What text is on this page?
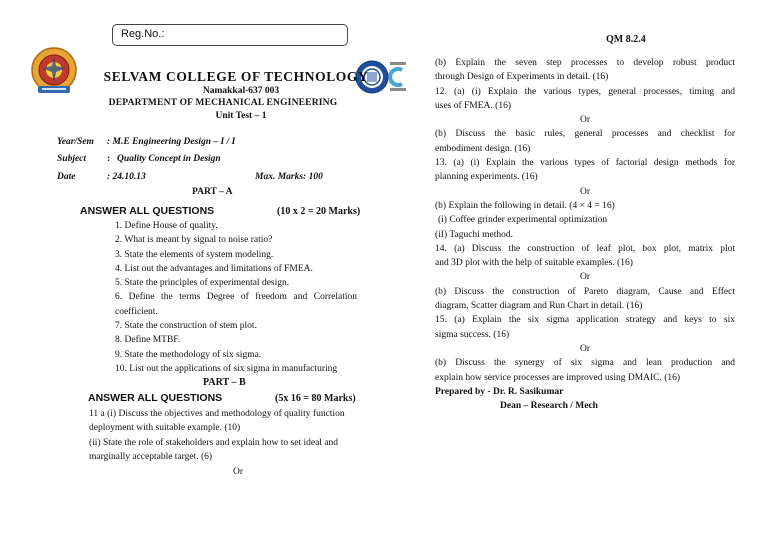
Reg.No.:	QM 8.2.4
SELVAM COLLEGE OF TECHNOLOGY
Namakkal-637 003
DEPARTMENT OF MECHANICAL ENGINEERING
Unit Test – 1
Year/Sem : M.E Engineering Design – I / I
Subject : Quality Concept in Design
Date	: 24.10.13	Max. Marks: 100
PART – A
ANSWER ALL QUESTIONS	(10 x 2 = 20 Marks)
1. Define House of quality.
2. What is meant by signal to noise ratio?
3. State the elements of system modeling.
4. List out the advantages and limitations of FMEA.
5. State the principles of experimental design.
6. Define the terms Degree of freedom and Correlation
coefficient.
7. State the construction of stem plot.
8. Define MTBF.
9. State the methodology of six sigma.
10. List out the applications of six sigma in manufacturing
PART – B
ANSWER ALL QUESTIONS	(5x 16 = 80 Marks)
11 a (i) Discuss the objectives and methodology of quality function
deployment with suitable example. (10)
(ii) State the role of stakeholders and explain how to set ideal and
marginally acceptable target. (6)
Or
(b) Explain the seven step processes to develop robust product
through Design of Experiments in detail. (16)
12. (a) (i) Explain the various types, general processes, timing and
uses of FMEA. (16)
Or
(b) Discuss the basic rules, general processes and checklist for
embodiment design. (16)
13. (a) (i) Explain the various types of factorial design methods for
planning experiments. (16)
Or
(b) Explain the following in detail. (4 × 4 = 16)
(i) Coffee grinder experimental optimization
(iI) Taguchi method.
14. (a) Discuss the construction of leaf plot, box plot, matrix plot
and 3D plot with the help of suitable examples. (16)
Or
(b) Discuss the construction of Pareto diagram, Cause and Effect
diagram, Scatter diagram and Run Chart in detail. (16)
15. (a) Explain the six sigma application strategy and keys to six
sigma success. (16)
Or
(b) Discuss the synergy of six sigma and lean production and
explain how service processes are improved using DMAIC. (16)
Prepared by - Dr. R. Sasikumar
Dean – Research / Mech
